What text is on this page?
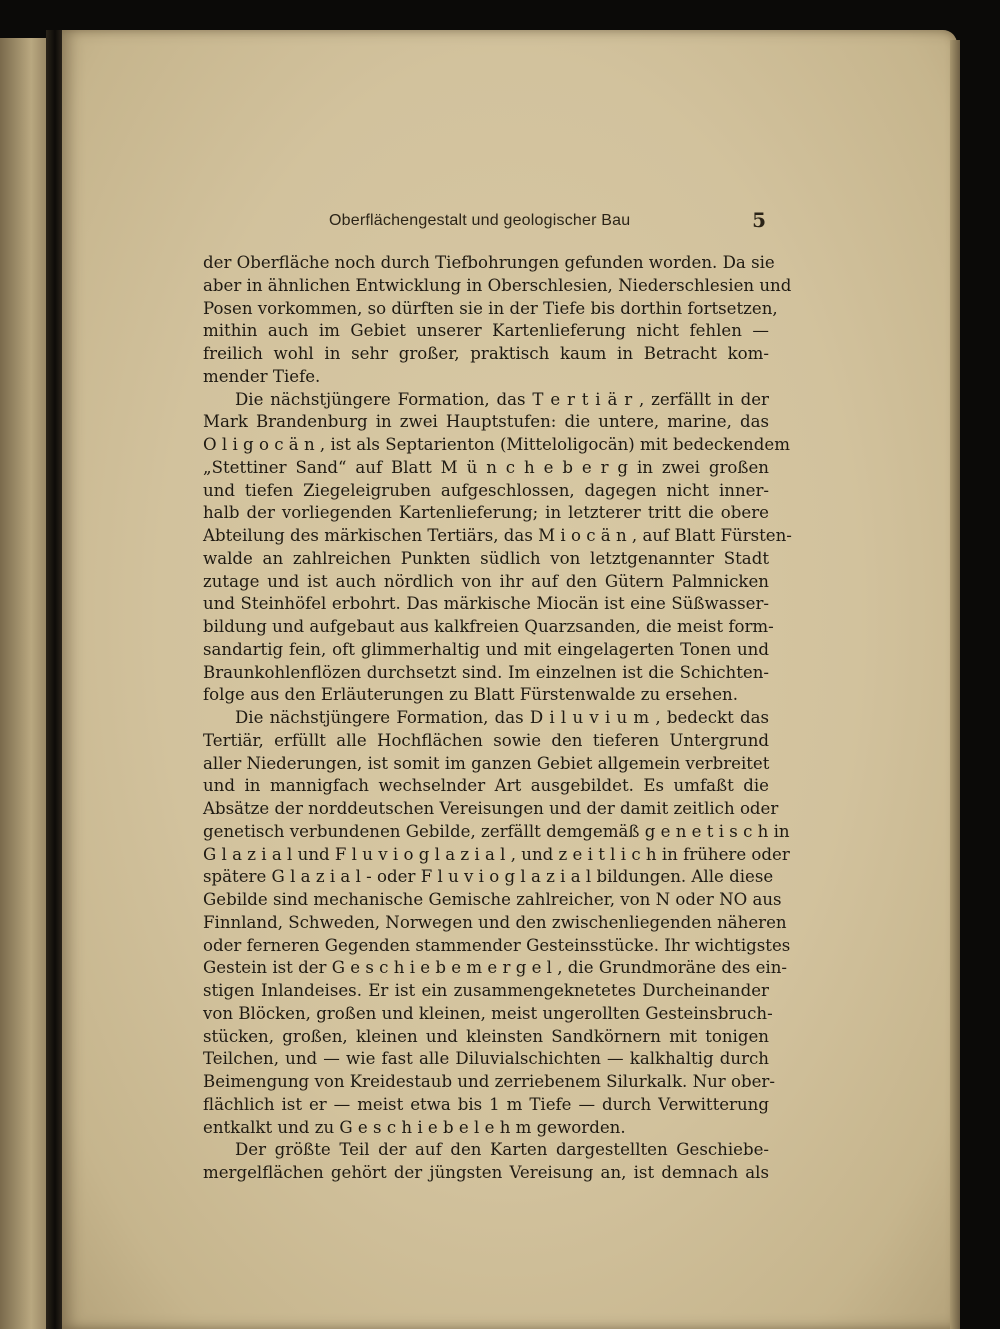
Oberflächengestalt und geologischer Bau	5
der Oberfläche noch durch Tiefbohrungen gefunden worden. Da sie
aber in ähnlichen Entwicklung in Oberschlesien, Niederschlesien und
Posen vorkommen, so dürften sie in der Tiefe bis dorthin fortsetzen,
mithin auch im Gebiet unserer Kartenlieferung nicht fehlen —
freilich wohl in sehr großer, praktisch kaum in Betracht kom-
mender Tiefe.
Die nächstjüngere Formation, das T e r t i ä r , zerfällt in der
Mark Brandenburg in zwei Hauptstufen: die untere, marine, das
O l i g o c ä n , ist als Septarienton (Mitteloligocän) mit bedeckendem
„Stettiner Sand“ auf Blatt M ü n c h e b e r g in zwei großen
und tiefen Ziegeleigruben aufgeschlossen, dagegen nicht inner-
halb der vorliegenden Kartenlieferung; in letzterer tritt die obere
Abteilung des märkischen Tertiärs, das M i o c ä n , auf Blatt Fürsten-
walde an zahlreichen Punkten südlich von letztgenannter Stadt
zutage und ist auch nördlich von ihr auf den Gütern Palmnicken
und Steinhöfel erbohrt. Das märkische Miocän ist eine Süßwasser-
bildung und aufgebaut aus kalkfreien Quarzsanden, die meist form-
sandartig fein, oft glimmerhaltig und mit eingelagerten Tonen und
Braunkohlenflözen durchsetzt sind. Im einzelnen ist die Schichten-
folge aus den Erläuterungen zu Blatt Fürstenwalde zu ersehen.
Die nächstjüngere Formation, das D i l u v i u m , bedeckt das
Tertiär, erfüllt alle Hochflächen sowie den tieferen Untergrund
aller Niederungen, ist somit im ganzen Gebiet allgemein verbreitet
und in mannigfach wechselnder Art ausgebildet. Es umfaßt die
Absätze der norddeutschen Vereisungen und der damit zeitlich oder
genetisch verbundenen Gebilde, zerfällt demgemäß g e n e t i s c h in
G l a z i a l und F l u v i o g l a z i a l , und z e i t l i c h in frühere oder
spätere G l a z i a l - oder F l u v i o g l a z i a l bildungen. Alle diese
Gebilde sind mechanische Gemische zahlreicher, von N oder NO aus
Finnland, Schweden, Norwegen und den zwischenliegenden näheren
oder ferneren Gegenden stammender Gesteinsstücke. Ihr wichtigstes
Gestein ist der G e s c h i e b e m e r g e l , die Grundmoräne des ein-
stigen Inlandeises. Er ist ein zusammengeknetetes Durcheinander
von Blöcken, großen und kleinen, meist ungerollten Gesteinsbruch-
stücken, großen, kleinen und kleinsten Sandkörnern mit tonigen
Teilchen, und — wie fast alle Diluvialschichten — kalkhaltig durch
Beimengung von Kreidestaub und zerriebenem Silurkalk. Nur ober-
flächlich ist er — meist etwa bis 1 m Tiefe — durch Verwitterung
entkalkt und zu G e s c h i e b e l e h m geworden.
Der größte Teil der auf den Karten dargestellten Geschiebe-
mergelflächen gehört der jüngsten Vereisung an, ist demnach als
